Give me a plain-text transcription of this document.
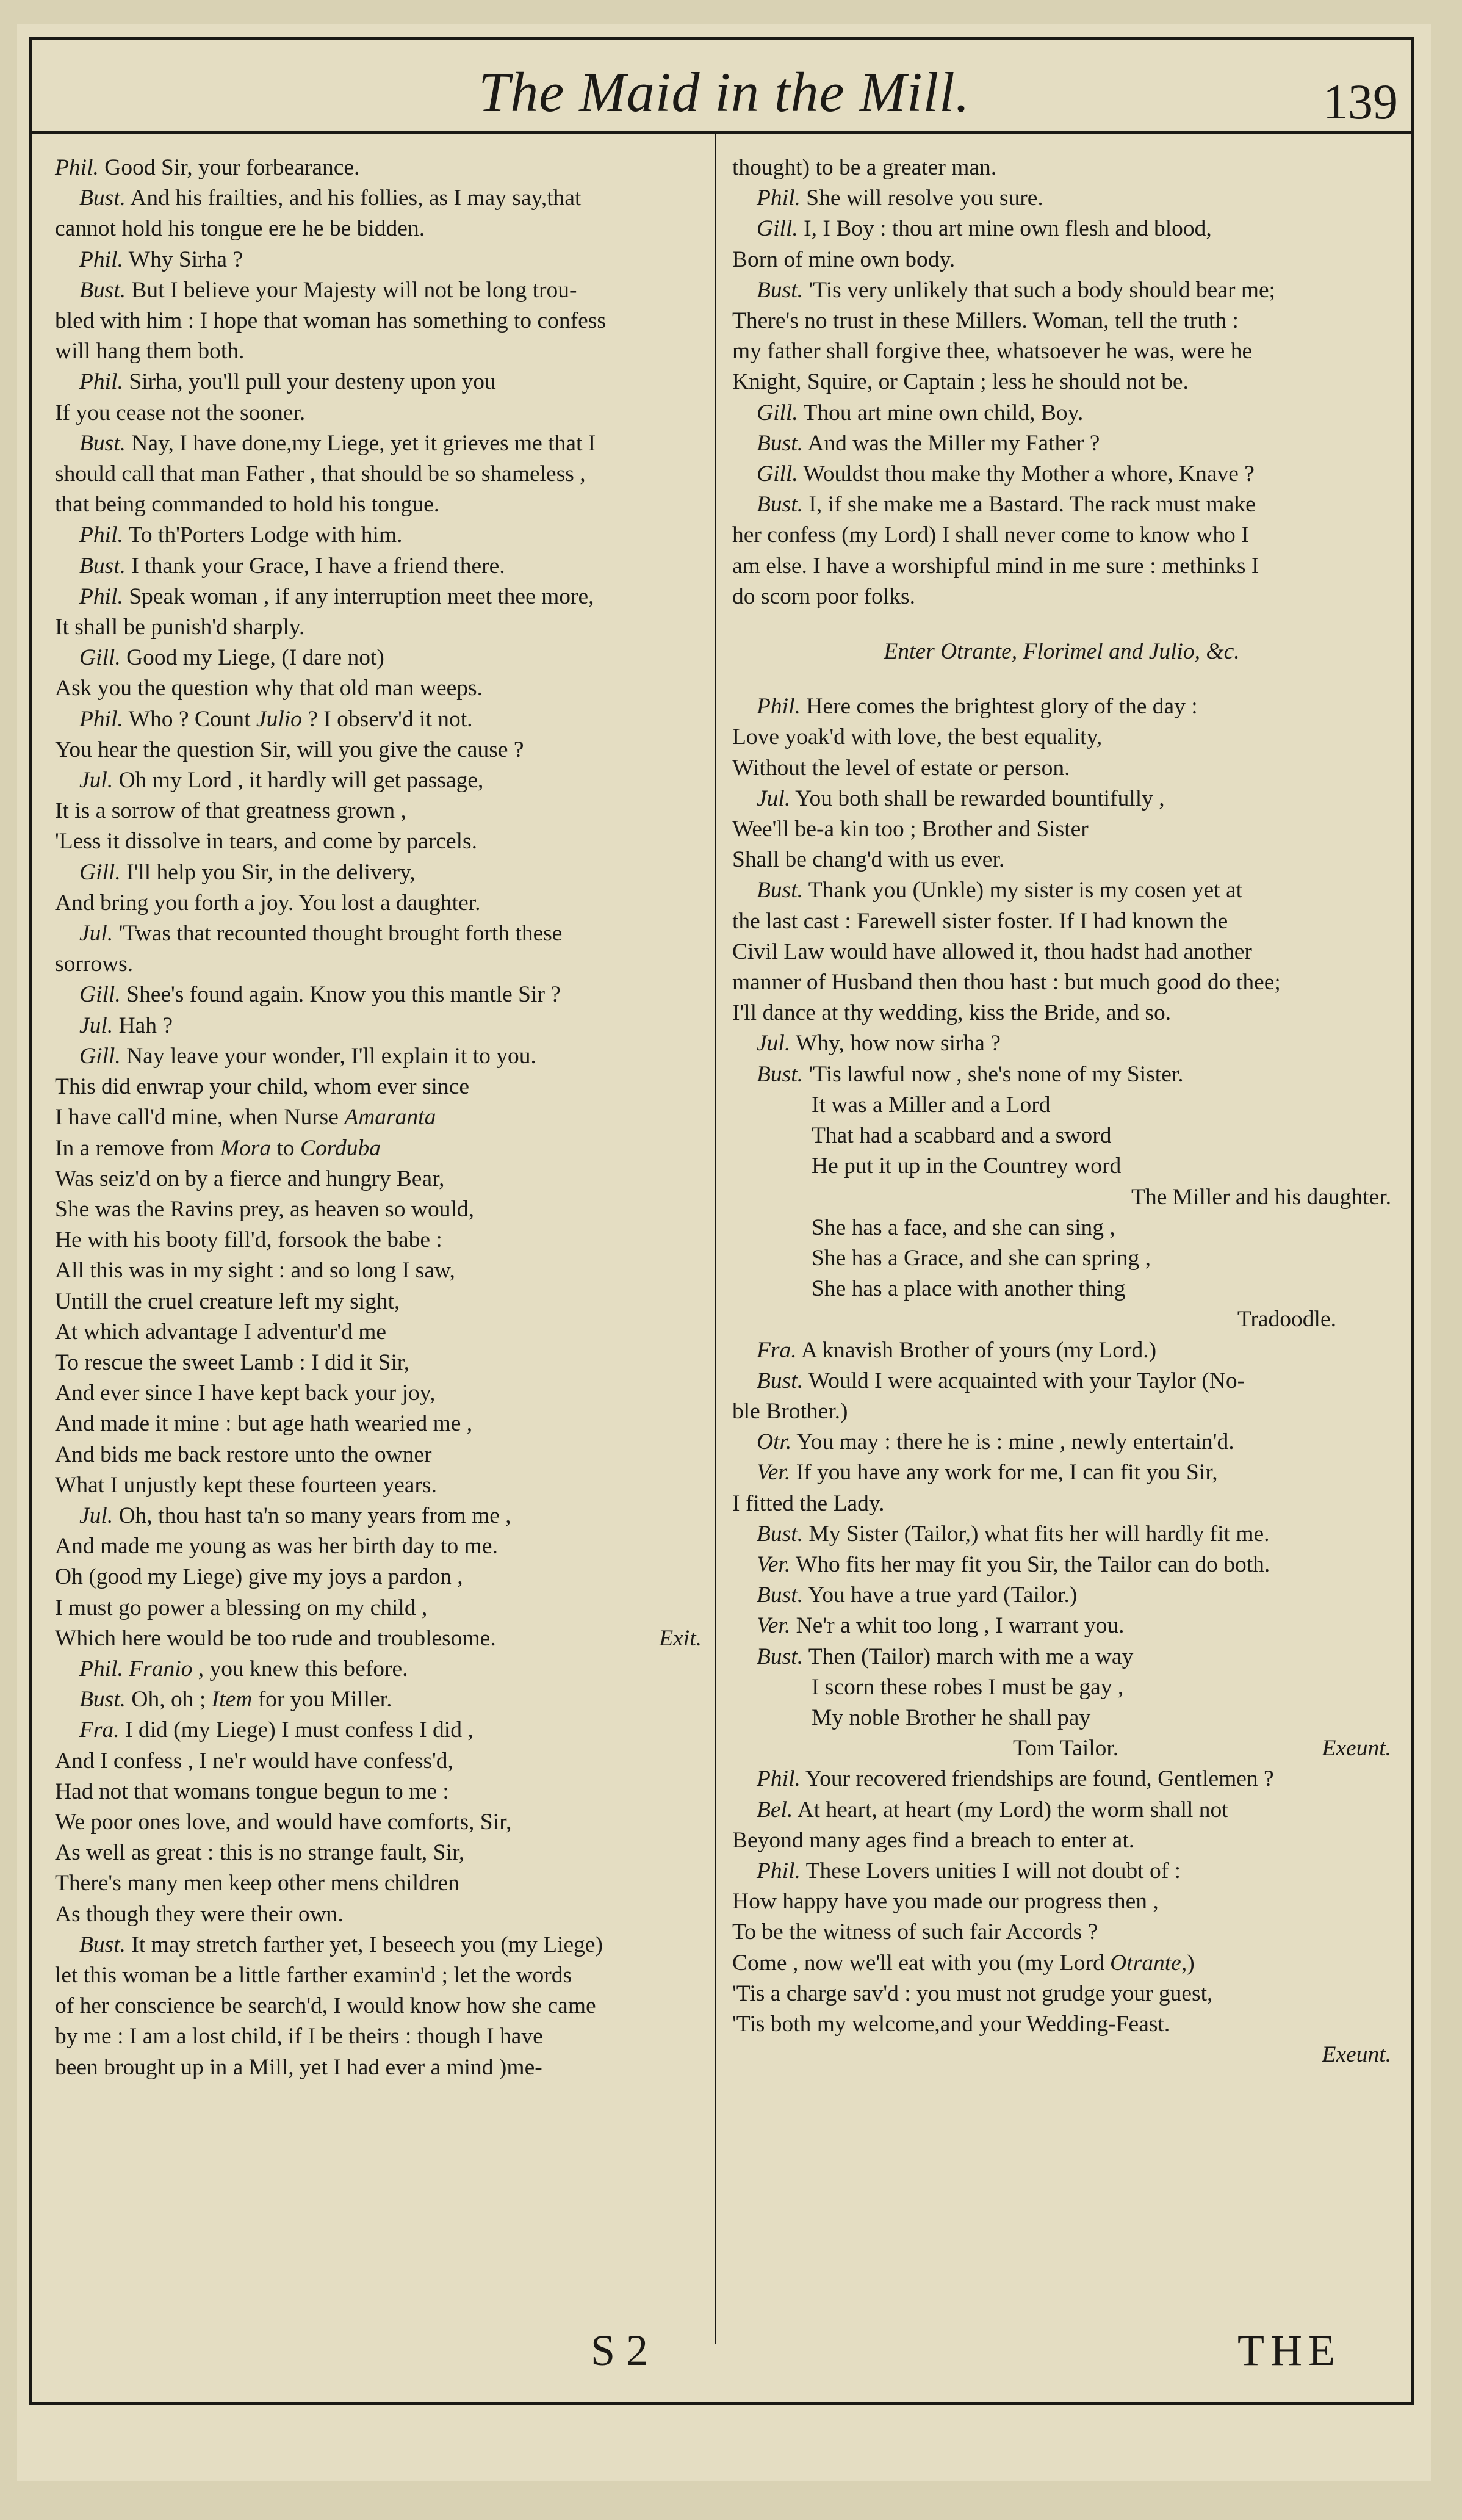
The Maid in the Mill.	139
Phil. Good Sir, your forbearance.
Bust. And his frailties, and his follies, as I may say,that
cannot hold his tongue ere he be bidden.
Phil. Why Sirha ?
Bust. But I believe your Majesty will not be long trou-
bled with him : I hope that woman has something to confess
will hang them both.
Phil. Sirha, you'll pull your desteny upon you
If you cease not the sooner.
Bust. Nay, I have done,my Liege, yet it grieves me that I
should call that man Father , that should be so shameless ,
that being commanded to hold his tongue.
Phil. To th'Porters Lodge with him.
Bust. I thank your Grace, I have a friend there.
Phil. Speak woman , if any interruption meet thee more,
It shall be punish'd sharply.
Gill. Good my Liege, (I dare not)
Ask you the question why that old man weeps.
Phil. Who ? Count Julio ? I observ'd it not.
You hear the question Sir, will you give the cause ?
Jul. Oh my Lord , it hardly will get passage,
It is a sorrow of that greatness grown ,
'Less it dissolve in tears, and come by parcels.
Gill. I'll help you Sir, in the delivery,
And bring you forth a joy. You lost a daughter.
Jul. 'Twas that recounted thought brought forth these
sorrows.
Gill. Shee's found again. Know you this mantle Sir ?
Jul. Hah ?
Gill. Nay leave your wonder, I'll explain it to you.
This did enwrap your child, whom ever since
I have call'd mine, when Nurse Amaranta
In a remove from Mora to Corduba
Was seiz'd on by a fierce and hungry Bear,
She was the Ravins prey, as heaven so would,
He with his booty fill'd, forsook the babe :
All this was in my sight : and so long I saw,
Untill the cruel creature left my sight,
At which advantage I adventur'd me
To rescue the sweet Lamb : I did it Sir,
And ever since I have kept back your joy,
And made it mine : but age hath wearied me ,
And bids me back restore unto the owner
What I unjustly kept these fourteen years.
Jul. Oh, thou hast ta'n so many years from me ,
And made me young as was her birth day to me.
Oh (good my Liege) give my joys a pardon ,
I must go power a blessing on my child ,
Which here would be too rude and troublesome.	Exit.
Phil. Franio , you knew this before.
Bust. Oh, oh ; Item for you Miller.
Fra. I did (my Liege) I must confess I did ,
And I confess , I ne'r would have confess'd,
Had not that womans tongue begun to me :
We poor ones love, and would have comforts, Sir,
As well as great : this is no strange fault, Sir,
There's many men keep other mens children
As though they were their own.
Bust. It may stretch farther yet, I beseech you (my Liege)
let this woman be a little farther examin'd ; let the words
of her conscience be search'd, I would know how she came
by me : I am a lost child, if I be theirs : though I have
been brought up in a Mill, yet I had ever a mind )me-
thought) to be a greater man.
Phil. She will resolve you sure.
Gill. I, I Boy : thou art mine own flesh and blood,
Born of mine own body.
Bust. 'Tis very unlikely that such a body should bear me;
There's no trust in these Millers. Woman, tell the truth :
my father shall forgive thee, whatsoever he was, were he
Knight, Squire, or Captain ; less he should not be.
Gill. Thou art mine own child, Boy.
Bust. And was the Miller my Father ?
Gill. Wouldst thou make thy Mother a whore, Knave ?
Bust. I, if she make me a Bastard. The rack must make
her confess (my Lord) I shall never come to know who I
am else. I have a worshipful mind in me sure : methinks I
do scorn poor folks.
Enter Otrante, Florimel and Julio, &c.
Phil. Here comes the brightest glory of the day :
Love yoak'd with love, the best equality,
Without the level of estate or person.
Jul. You both shall be rewarded bountifully ,
Wee'll be-a kin too ; Brother and Sister
Shall be chang'd with us ever.
Bust. Thank you (Unkle) my sister is my cosen yet at
the last cast : Farewell sister foster. If I had known the
Civil Law would have allowed it, thou hadst had another
manner of Husband then thou hast : but much good do thee;
I'll dance at thy wedding, kiss the Bride, and so.
Jul. Why, how now sirha ?
Bust. 'Tis lawful now , she's none of my Sister.
It was a Miller and a Lord
That had a scabbard and a sword
He put it up in the Countrey word
The Miller and his daughter.
She has a face, and she can sing ,
She has a Grace, and she can spring ,
She has a place with another thing
Tradoodle.
Fra. A knavish Brother of yours (my Lord.)
Bust. Would I were acquainted with your Taylor (No-
ble Brother.)
Otr. You may : there he is : mine , newly entertain'd.
Ver. If you have any work for me, I can fit you Sir,
I fitted the Lady.
Bust. My Sister (Tailor,) what fits her will hardly fit me.
Ver. Who fits her may fit you Sir, the Tailor can do both.
Bust. You have a true yard (Tailor.)
Ver. Ne'r a whit too long , I warrant you.
Bust. Then (Tailor) march with me a way
I scorn these robes I must be gay ,
My noble Brother he shall pay
Tom Tailor.	Exeunt.
Phil. Your recovered friendships are found, Gentlemen ?
Bel. At heart, at heart (my Lord) the worm shall not
Beyond many ages find a breach to enter at.
Phil. These Lovers unities I will not doubt of :
How happy have you made our progress then ,
To be the witness of such fair Accords ?
Come , now we'll eat with you (my Lord Otrante,)
'Tis a charge sav'd : you must not grudge your guest,
'Tis both my welcome,and your Wedding-Feast.
Exeunt.
S 2	THE
